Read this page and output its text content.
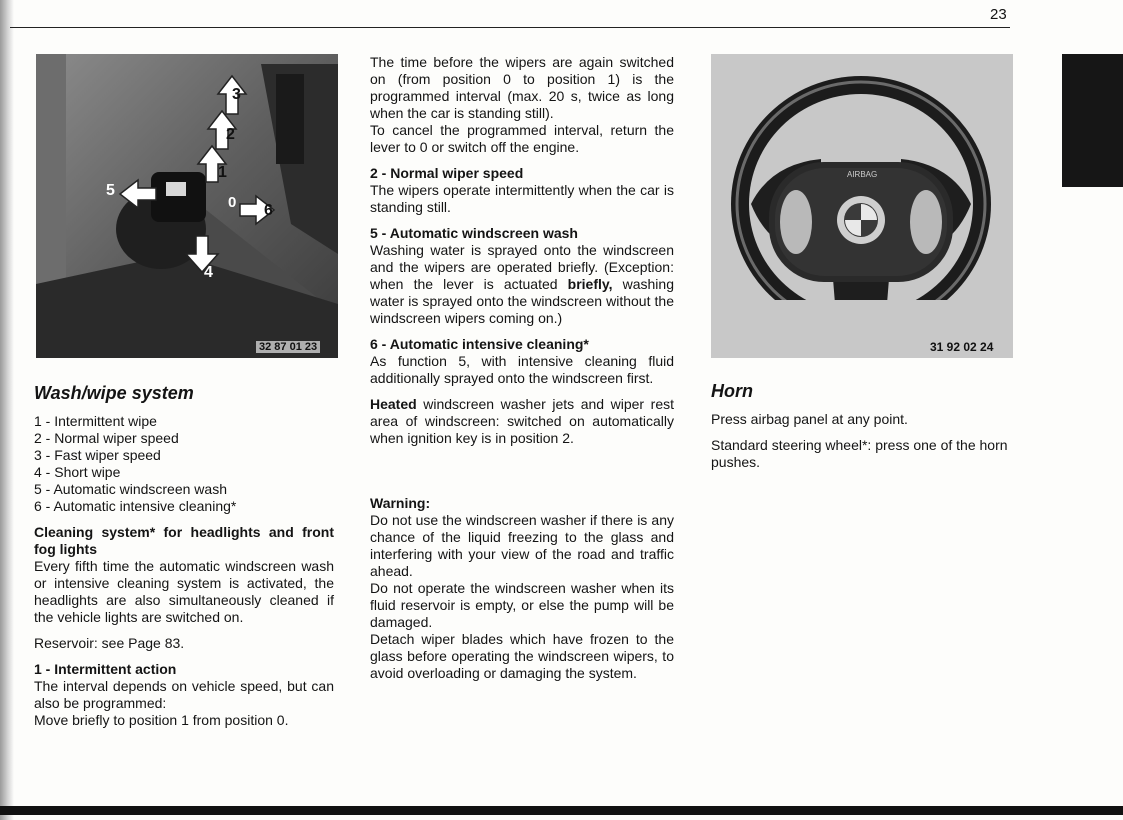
23
3
2
1
4
5
6
0
32 87 01 23

Wash/wipe system

1 - Intermittent wipe

2 - Normal wiper speed

3 - Fast wiper speed

4 - Short wipe

5 - Automatic windscreen wash

6 - Automatic intensive cleaning*

Cleaning system* for headlights and front fog lights

Every fifth time the automatic windscreen wash or intensive cleaning system is activated, the headlights are also simultaneously cleaned if the vehicle lights are switched on.

Reservoir: see Page 83.

1 - Intermittent action

The interval depends on vehicle speed, but can also be programmed:

Move briefly to position 1 from position 0.

The time before the wipers are again switched on (from position 0 to position 1) is the programmed interval (max. 20 s, twice as long when the car is standing still).

To cancel the programmed interval, return the lever to 0 or switch off the engine.

2 - Normal wiper speed

The wipers operate intermittently when the car is standing still.

5 - Automatic windscreen wash

Washing water is sprayed onto the windscreen and the wipers are operated briefly. (Exception: when the lever is actuated briefly, washing water is sprayed onto the windscreen without the windscreen wipers coming on.)

6 - Automatic intensive cleaning*

As function 5, with intensive cleaning fluid additionally sprayed onto the windscreen first.

Heated windscreen washer jets and wiper rest area of windscreen: switched on automatically when ignition key is in position 2.

Warning:

Do not use the windscreen washer if there is any chance of the liquid freezing to the glass and interfering with your view of the road and traffic ahead.

Do not operate the windscreen washer when its fluid reservoir is empty, or else the pump will be damaged.

Detach wiper blades which have frozen to the glass before operating the windscreen wipers, to avoid overloading or damaging the system.

AIRBAG
31 92 02 24

Horn

Press airbag panel at any point.

Standard steering wheel*: press one of the horn pushes.
